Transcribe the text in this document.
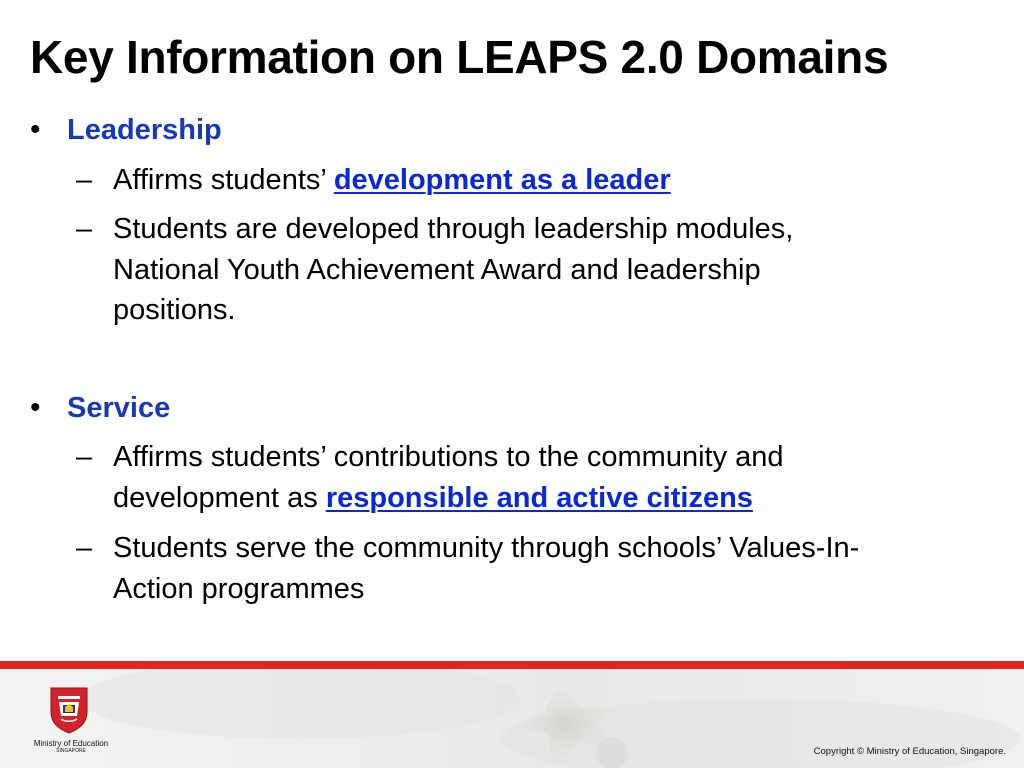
Key Information on LEAPS 2.0 Domains
• Leadership
– Affirms students’ development as a leader
– Students are developed through leadership modules,
National Youth Achievement Award and leadership
positions.
• Service
– Affirms students’ contributions to the community and
development as responsible and active citizens
– Students serve the community through schools’ Values-In-
Action programmes
Ministry of Education
SINGAPORE	Copyright © Ministry of Education, Singapore.
